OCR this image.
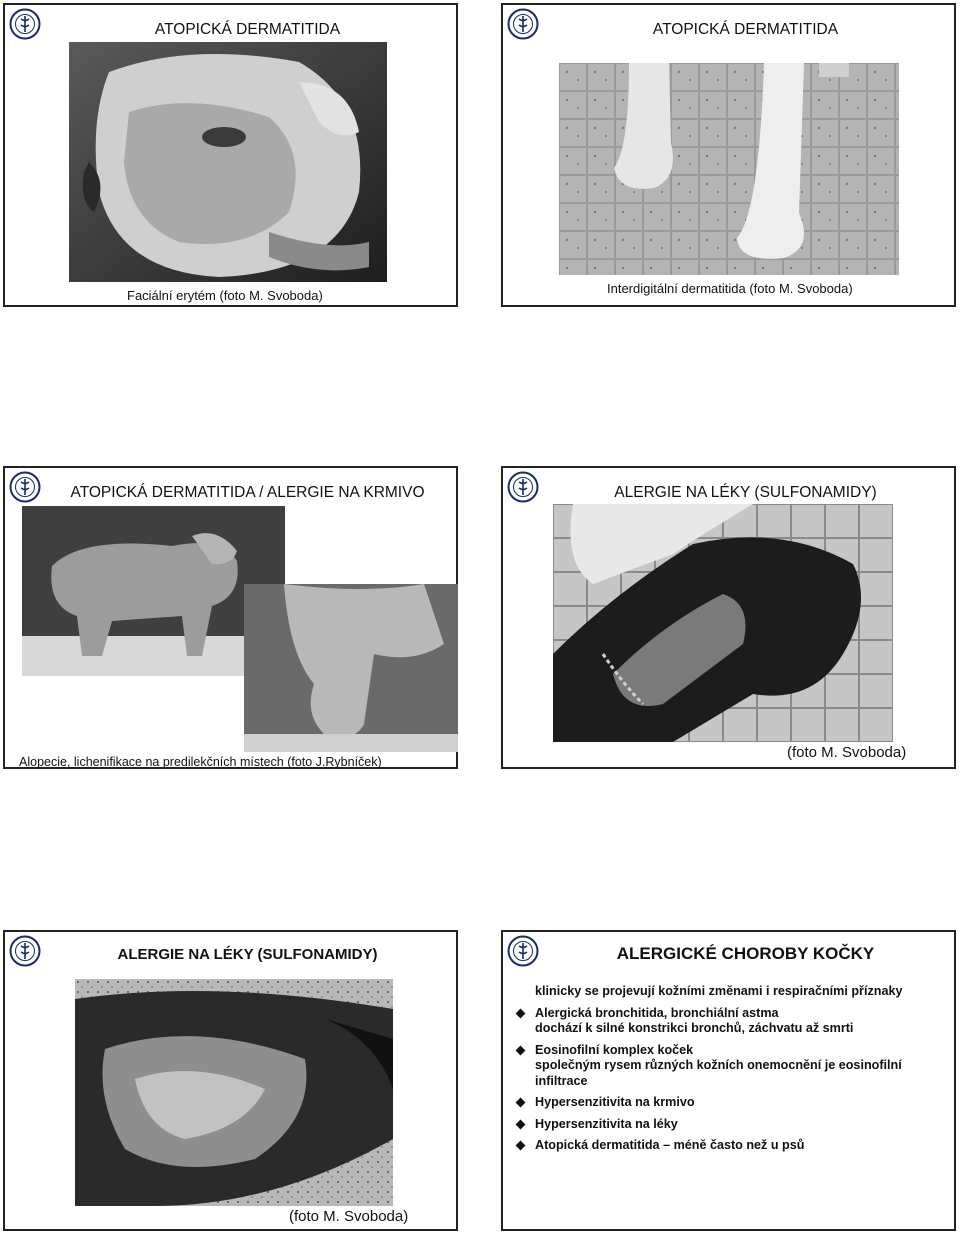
ATOPICKÁ DERMATITIDA
Faciální erytém (foto M. Svoboda)
ATOPICKÁ DERMATITIDA
Interdigitální dermatitida (foto M. Svoboda)
ATOPICKÁ DERMATITIDA / ALERGIE NA KRMIVO
Alopecie, lichenifikace na predilekčních místech (foto J.Rybníček)
ALERGIE NA LÉKY (SULFONAMIDY)
(foto M. Svoboda)
ALERGIE NA LÉKY (SULFONAMIDY)
(foto M. Svoboda)
ALERGICKÉ CHOROBY KOČKY
klinicky se projevují kožními změnami i respiračními příznaky
Alergická bronchitida, bronchiální astma
dochází k silné konstrikci bronchů, záchvatu až smrti
Eosinofilní komplex koček
společným rysem různých kožních onemocnění je eosinofilní
infiltrace
Hypersenzitivita na krmivo
Hypersenzitivita na léky
Atopická dermatitida – méně často než u psů
